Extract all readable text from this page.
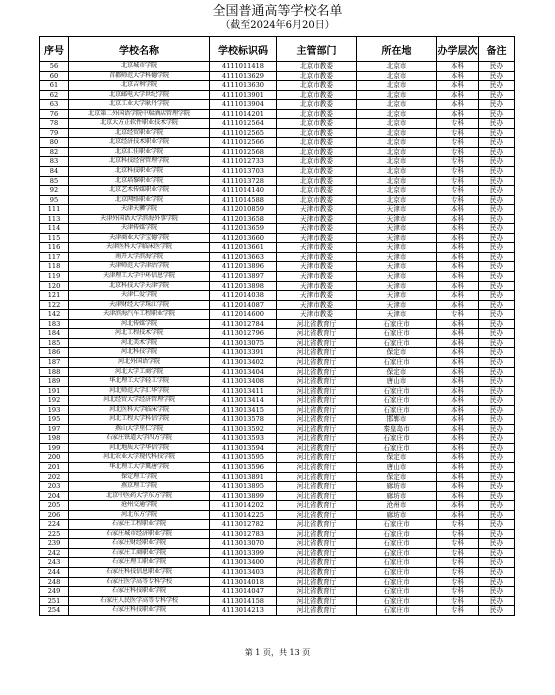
全国普通高等学校名单
（截至2024年6月20日）
序号	学校名称	学校标识码	主管部门	所在地	办学层次	备注
56	北京城市学院	4111011418	北京市教委	北京市	本科	民办
60	首都师范大学科德学院	4111013629	北京市教委	北京市	本科	民办
61	北京吉利学院	4111013630	北京市教委	北京市	本科	民办
62	北京邮电大学世纪学院	4111013901	北京市教委	北京市	本科	民办
63	北京工业大学耿丹学院	4111013904	北京市教委	北京市	本科	民办
76	北京第二外国语学院中瑞酒店管理学院	4111014201	北京市教委	北京市	本科	民办
78	北京大方正软件职业技术学院	4111012564	北京市教委	北京市	专科	民办
79	北京经贸职业学院	4111012565	北京市教委	北京市	专科	民办
80	北京经济技术职业学院	4111012566	北京市教委	北京市	专科	民办
82	北京汇佳职业学院	4111012568	北京市教委	北京市	专科	民办
83	北京科技经营管理学院	4111012733	北京市教委	北京市	专科	民办
84	北京科技职业学院	4111013703	北京市教委	北京市	专科	民办
85	北京培黎职业学院	4111013728	北京市教委	北京市	专科	民办
92	北京艺术传媒职业学院	4111014140	北京市教委	北京市	专科	民办
95	北京网络职业学院	4111014588	北京市教委	北京市	专科	民办
111	天津天狮学院	4112010859	天津市教委	天津市	本科	民办
113	天津外国语大学滨海外事学院	4112013658	天津市教委	天津市	本科	民办
114	天津传媒学院	4112013659	天津市教委	天津市	本科	民办
115	天津商业大学宝德学院	4112013660	天津市教委	天津市	本科	民办
116	天津医科大学临床医学院	4112013661	天津市教委	天津市	本科	民办
117	南开大学滨海学院	4112013663	天津市教委	天津市	本科	民办
118	天津师范大学津沽学院	4112013896	天津市教委	天津市	本科	民办
119	天津理工大学中环信息学院	4112013897	天津市教委	天津市	本科	民办
120	北京科技大学天津学院	4112013898	天津市教委	天津市	本科	民办
121	天津仁爱学院	4112014038	天津市教委	天津市	本科	民办
122	天津财经大学珠江学院	4112014087	天津市教委	天津市	本科	民办
142	天津滨海汽车工程职业学院	4112014600	天津市教委	天津市	专科	民办
183	河北传媒学院	4113012784	河北省教育厅	石家庄市	本科	民办
184	河北工程技术学院	4113012796	河北省教育厅	石家庄市	本科	民办
185	河北美术学院	4113013075	河北省教育厅	石家庄市	本科	民办
186	河北科技学院	4113013391	河北省教育厅	保定市	本科	民办
187	河北外国语学院	4113013402	河北省教育厅	石家庄市	本科	民办
188	河北大学工商学院	4113013404	河北省教育厅	保定市	本科	民办
189	华北理工大学轻工学院	4113013408	河北省教育厅	唐山市	本科	民办
191	河北师范大学汇华学院	4113013411	河北省教育厅	石家庄市	本科	民办
192	河北经贸大学经济管理学院	4113013414	河北省教育厅	石家庄市	本科	民办
193	河北医科大学临床学院	4113013415	河北省教育厅	石家庄市	本科	民办
195	河北工程大学科信学院	4113013578	河北省教育厅	邯郸市	本科	民办
197	燕山大学里仁学院	4113013592	河北省教育厅	秦皇岛市	本科	民办
198	石家庄铁道大学四方学院	4113013593	河北省教育厅	石家庄市	本科	民办
199	河北地质大学华信学院	4113013594	河北省教育厅	石家庄市	本科	民办
200	河北农业大学现代科技学院	4113013595	河北省教育厅	保定市	本科	民办
201	华北理工大学冀唐学院	4113013596	河北省教育厅	唐山市	本科	民办
202	保定理工学院	4113013891	河北省教育厅	保定市	本科	民办
203	燕京理工学院	4113013895	河北省教育厅	廊坊市	本科	民办
204	北京中医药大学东方学院	4113013899	河北省教育厅	廊坊市	本科	民办
205	沧州交通学院	4113014202	河北省教育厅	沧州市	本科	民办
206	河北东方学院	4113014225	河北省教育厅	廊坊市	本科	民办
224	石家庄工程职业学院	4113012782	河北省教育厅	石家庄市	专科	民办
225	石家庄城市经济职业学院	4113012783	河北省教育厅	石家庄市	专科	民办
239	石家庄财经职业学院	4113013070	河北省教育厅	石家庄市	专科	民办
242	石家庄工商职业学院	4113013399	河北省教育厅	石家庄市	专科	民办
243	石家庄理工职业学院	4113013400	河北省教育厅	石家庄市	专科	民办
244	石家庄科技信息职业学院	4113013403	河北省教育厅	石家庄市	专科	民办
248	石家庄医学高等专科学校	4113014018	河北省教育厅	石家庄市	专科	民办
249	石家庄科技职业学院	4113014047	河北省教育厅	石家庄市	专科	民办
251	石家庄人民医学高等专科学校	4113014158	河北省教育厅	石家庄市	专科	民办
254	石家庄科技职业学院	4113014213	河北省教育厅	石家庄市	专科	民办
第 1 页，共 13 页
